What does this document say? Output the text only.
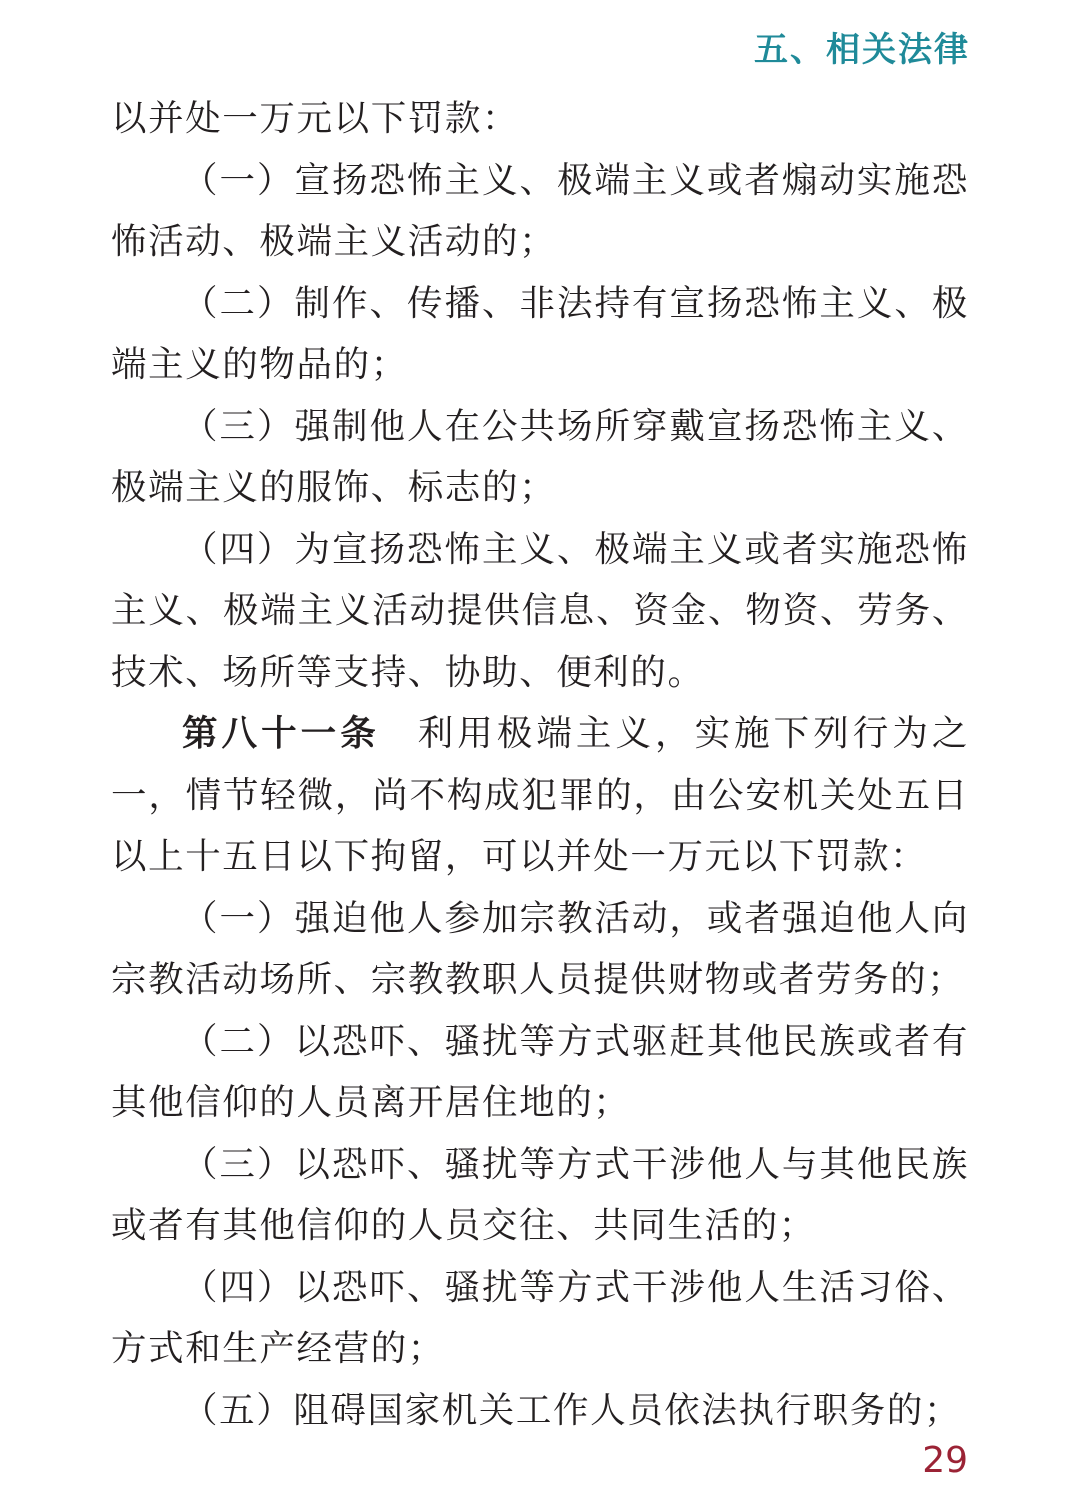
五、相关法律

以并处一万元以下罚款：

（一）宣扬恐怖主义、极端主义或者煽动实施恐怖活动、极端主义活动的；

（二）制作、传播、非法持有宣扬恐怖主义、极端主义的物品的；

（三）强制他人在公共场所穿戴宣扬恐怖主义、极端主义的服饰、标志的；

（四）为宣扬恐怖主义、极端主义或者实施恐怖主义、极端主义活动提供信息、资金、物资、劳务、技术、场所等支持、协助、便利的。

第八十一条 利用极端主义，实施下列行为之一，情节轻微，尚不构成犯罪的，由公安机关处五日以上十五日以下拘留，可以并处一万元以下罚款：

（一）强迫他人参加宗教活动，或者强迫他人向宗教活动场所、宗教教职人员提供财物或者劳务的；

（二）以恐吓、骚扰等方式驱赶其他民族或者有其他信仰的人员离开居住地的；

（三）以恐吓、骚扰等方式干涉他人与其他民族或者有其他信仰的人员交往、共同生活的；

（四）以恐吓、骚扰等方式干涉他人生活习俗、方式和生产经营的；

（五）阻碍国家机关工作人员依法执行职务的；

29
